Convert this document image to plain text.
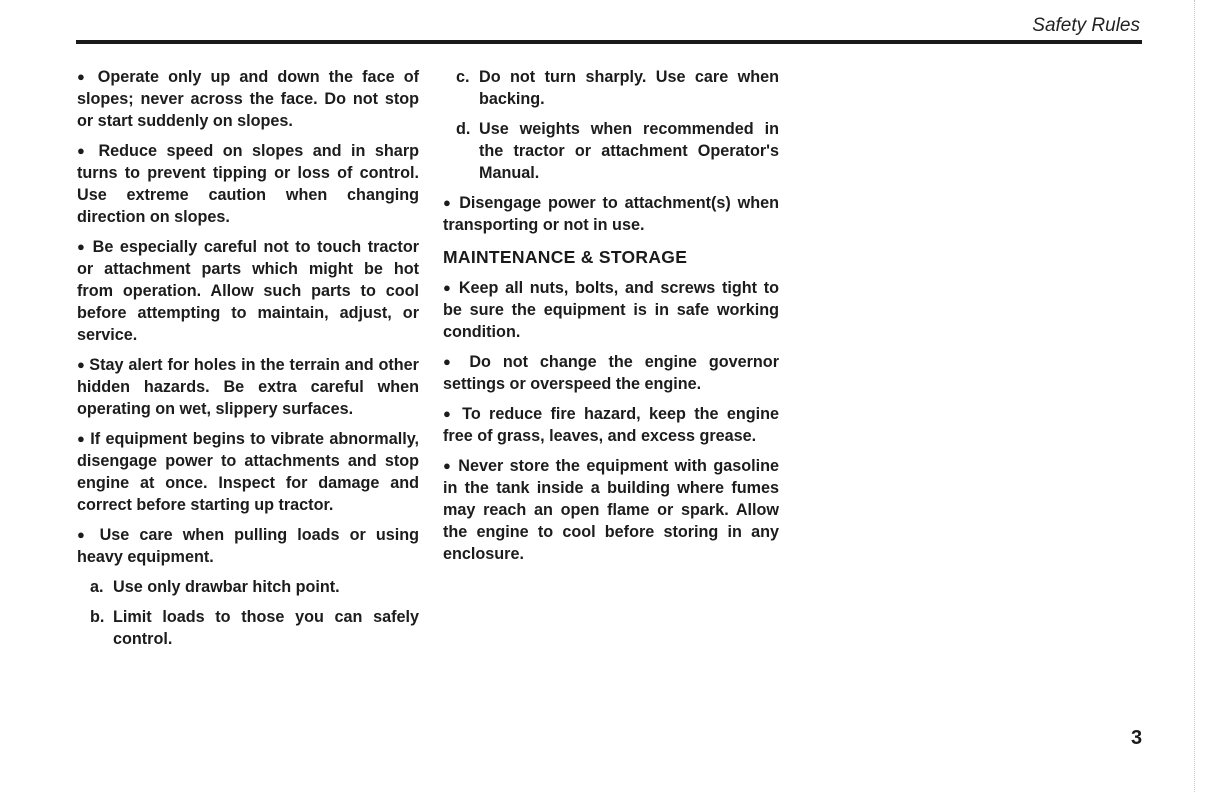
Safety Rules

● Operate only up and down the face of slopes; never across the face. Do not stop or start suddenly on slopes.

● Reduce speed on slopes and in sharp turns to prevent tipping or loss of control. Use extreme caution when changing direction on slopes.

● Be especially careful not to touch tractor or attachment parts which might be hot from operation. Allow such parts to cool before attempting to maintain, adjust, or service.

● Stay alert for holes in the terrain and other hidden hazards. Be extra careful when operating on wet, slippery surfaces.

● If equipment begins to vibrate abnormally, disengage power to attachments and stop engine at once. Inspect for damage and correct before starting up tractor.

● Use care when pulling loads or using heavy equipment.

a. Use only drawbar hitch point.
b. Limit loads to those you can safely control.
c. Do not turn sharply. Use care when backing.
d. Use weights when recommended in the tractor or attachment Operator's Manual.

● Disengage power to attachment(s) when transporting or not in use.

MAINTENANCE & STORAGE

● Keep all nuts, bolts, and screws tight to be sure the equipment is in safe working condition.

● Do not change the engine governor settings or overspeed the engine.

● To reduce fire hazard, keep the engine free of grass, leaves, and excess grease.

● Never store the equipment with gasoline in the tank inside a building where fumes may reach an open flame or spark. Allow the engine to cool before storing in any enclosure.

3
